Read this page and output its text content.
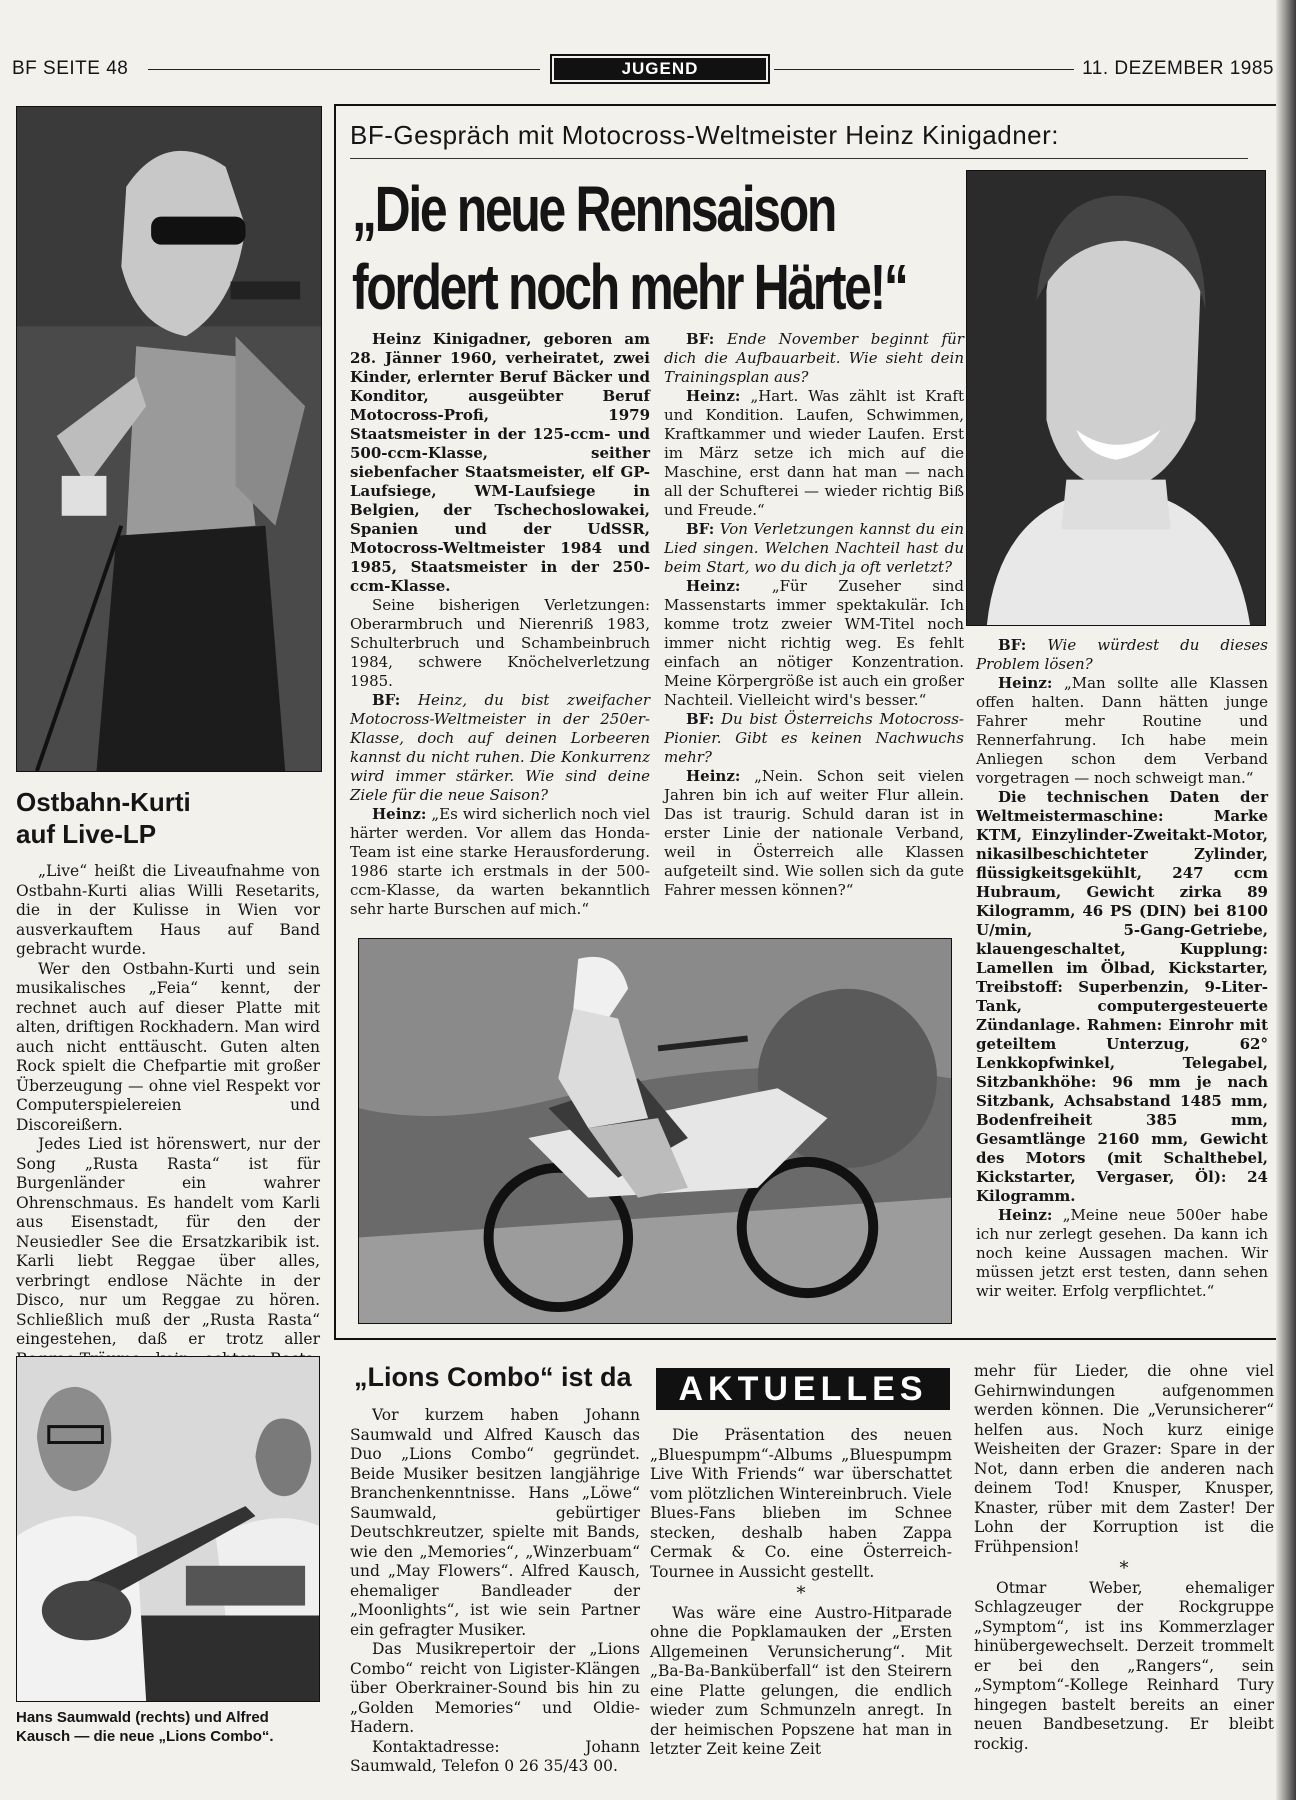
BF SEITE 48	JUGEND	11. DEZEMBER 1985
Ostbahn-Kurti
auf Live-LP

„Live“ heißt die Liveaufnahme von Ostbahn-Kurti alias Willi Resetarits, die in der Kulisse in Wien vor ausverkauftem Haus auf Band gebracht wurde.

Wer den Ostbahn-Kurti und sein musikalisches „Feia“ kennt, der rechnet auch auf dieser Platte mit alten, driftigen Rockhadern. Man wird auch nicht enttäuscht. Guten alten Rock spielt die Chefpartie mit großer Überzeugung — ohne viel Respekt vor Computerspielereien und Discoreißern.

Jedes Lied ist hörenswert, nur der Song „Rusta Rasta“ ist für Burgenländer ein wahrer Ohrenschmaus. Es handelt vom Karli aus Eisenstadt, für den der Neusiedler See die Ersatzkaribik ist. Karli liebt Reggae über alles, verbringt endlose Nächte in der Disco, nur um Reggae zu hören. Schließlich muß der „Rusta Rasta“ eingestehen, daß er trotz aller

BF-Gespräch mit Motocross-Weltmeister Heinz Kinigadner:
„Die neue Rennsaison
fordert noch mehr Härte!“

Heinz Kinigadner, geboren am 28. Jänner 1960, verheiratet, zwei Kinder, erlernter Beruf Bäcker und Konditor, ausgeübter Beruf Motocross-Profi, 1979 Staatsmeister in der 125-ccm- und 500-ccm-Klasse, seither siebenfacher Staatsmeister, elf GP-Laufsiege, WM-Laufsiege in Belgien, der Tschechoslowakei, Spanien und der UdSSR, Motocross-Weltmeister 1984 und 1985, Staatsmeister in der 250-ccm-Klasse.

Seine bisherigen Verletzungen: Oberarmbruch und Nierenriß 1983, Schulterbruch und Schambeinbruch 1984, schwere Knöchelverletzung 1985.

BF: Heinz, du bist zweifacher Motocross-Weltmeister in der 250er-Klasse, doch auf deinen Lorbeeren kannst du nicht ruhen. Die Konkurrenz wird immer stärker. Wie sind deine Ziele für die neue Saison?

Heinz: „Es wird sicherlich noch viel härter werden. Vor allem das Honda-Team ist eine starke Herausforderung. 1986 starte ich erstmals in der 500-ccm-Klasse, da warten bekanntlich sehr harte Burschen auf mich.“

BF: Ende November beginnt für dich die Aufbauarbeit. Wie sieht dein Trainingsplan aus?

Heinz: „Hart. Was zählt ist Kraft und Kondition. Laufen, Schwimmen, Kraftkammer und wieder Laufen. Erst im März setze ich mich auf die Maschine, erst dann hat man — nach all der Schufterei — wieder richtig Biß und Freude.“

BF: Von Verletzungen kannst du ein Lied singen. Welchen Nachteil hast du beim Start, wo du dich ja oft verletzt?

Heinz: „Für Zuseher sind Massenstarts immer spektakulär. Ich komme trotz zweier WM-Titel noch immer nicht richtig weg. Es fehlt einfach an nötiger Konzentration. Meine Körpergröße ist auch ein großer Nachteil. Vielleicht wird's besser.“

BF: Du bist Österreichs Motocross-Pionier. Gibt es keinen Nachwuchs mehr?

Heinz: „Nein. Schon seit vielen Jahren bin ich auf weiter Flur allein. Das ist traurig. Schuld daran ist in erster Linie der nationale Verband, weil in Österreich alle Klassen aufgeteilt sind. Wie sollen sich da gute Fahrer messen können?“

BF: Wie würdest du dieses Problem lösen?

Heinz: „Man sollte alle Klassen offen halten. Dann hätten junge Fahrer mehr Routine und Rennerfahrung. Ich habe mein Anliegen schon dem Verband vorgetragen — noch schweigt man.“

Die technischen Daten der Weltmeistermaschine: Marke KTM, Einzylinder-Zweitakt-Motor, nikasilbeschichteter Zylinder, flüssigkeitsgekühlt, 247 ccm Hubraum, Gewicht zirka 89 Kilogramm, 46 PS (DIN) bei 8100 U/min, 5-Gang-Getriebe, klauengeschaltet, Kupplung: Lamellen im Ölbad, Kickstarter, Treibstoff: Superbenzin, 9-Liter-Tank, computergesteuerte Zündanlage. Rahmen: Einrohr mit geteiltem Unterzug, 62° Lenkkopfwinkel, Telegabel, Sitzbankhöhe: 96 mm je nach Sitzbank, Achsabstand 1485 mm, Bodenfreiheit 385 mm, Gesamtlänge 2160 mm, Gewicht des Motors (mit Schalthebel, Kickstarter, Vergaser, Öl): 24 Kilogramm.

Heinz: „Meine neue 500er habe ich nur zerlegt gesehen. Da kann ich noch keine Aussagen machen. Wir müssen jetzt erst testen, dann sehen wir weiter. Erfolg verpflichtet.“

Hans Saumwald (rechts) und Alfred Kausch — die neue „Lions Combo“.
„Lions Combo“ ist da

Vor kurzem haben Johann Saumwald und Alfred Kausch das Duo „Lions Combo“ gegründet. Beide Musiker besitzen langjährige Branchenkenntnisse. Hans „Löwe“ Saumwald, gebürtiger Deutschkreutzer, spielte mit Bands, wie den „Memories“, „Winzerbuam“ und „May Flowers“. Alfred Kausch, ehemaliger Bandleader der „Moonlights“, ist wie sein Partner ein gefragter Musiker.

Das Musikrepertoir der „Lions Combo“ reicht von Ligister-Klängen über Oberkrainer-Sound bis hin zu „Golden Memories“ und Oldie-Hadern.

Kontaktadresse: Johann Saumwald, Telefon 0 26 35/43 00.

AKTUELLES

Die Präsentation des neuen „Bluespumpm“-Albums „Bluespumpm Live With Friends“ war überschattet vom plötzlichen Wintereinbruch. Viele Blues-Fans blieben im Schnee stecken, deshalb haben Zappa Cermak & Co. eine Österreich-Tournee in Aussicht gestellt.

*

Was wäre eine Austro-Hitparade ohne die Popklamauken der „Ersten Allgemeinen Verunsicherung“. Mit „Ba-Ba-Banküberfall“ ist den Steirern eine Platte gelungen, die endlich wieder zum Schmunzeln anregt. In der heimischen Popszene hat man in letzter Zeit keine Zeit

mehr für Lieder, die ohne viel Gehirnwindungen aufgenommen werden können. Die „Verunsicherer“ helfen aus. Noch kurz einige Weisheiten der Grazer: Spare in der Not, dann erben die anderen nach deinem Tod! Knusper, Knusper, Knaster, rüber mit dem Zaster! Der Lohn der Korruption ist die Frühpension!

*

Otmar Weber, ehemaliger Schlagzeuger der Rockgruppe „Symptom“, ist ins Kommerzlager hinübergewechselt. Derzeit trommelt er bei den „Rangers“, sein „Symptom“-Kollege Reinhard Tury hingegen bastelt bereits an einer neuen Bandbesetzung. Er bleibt rockig.
